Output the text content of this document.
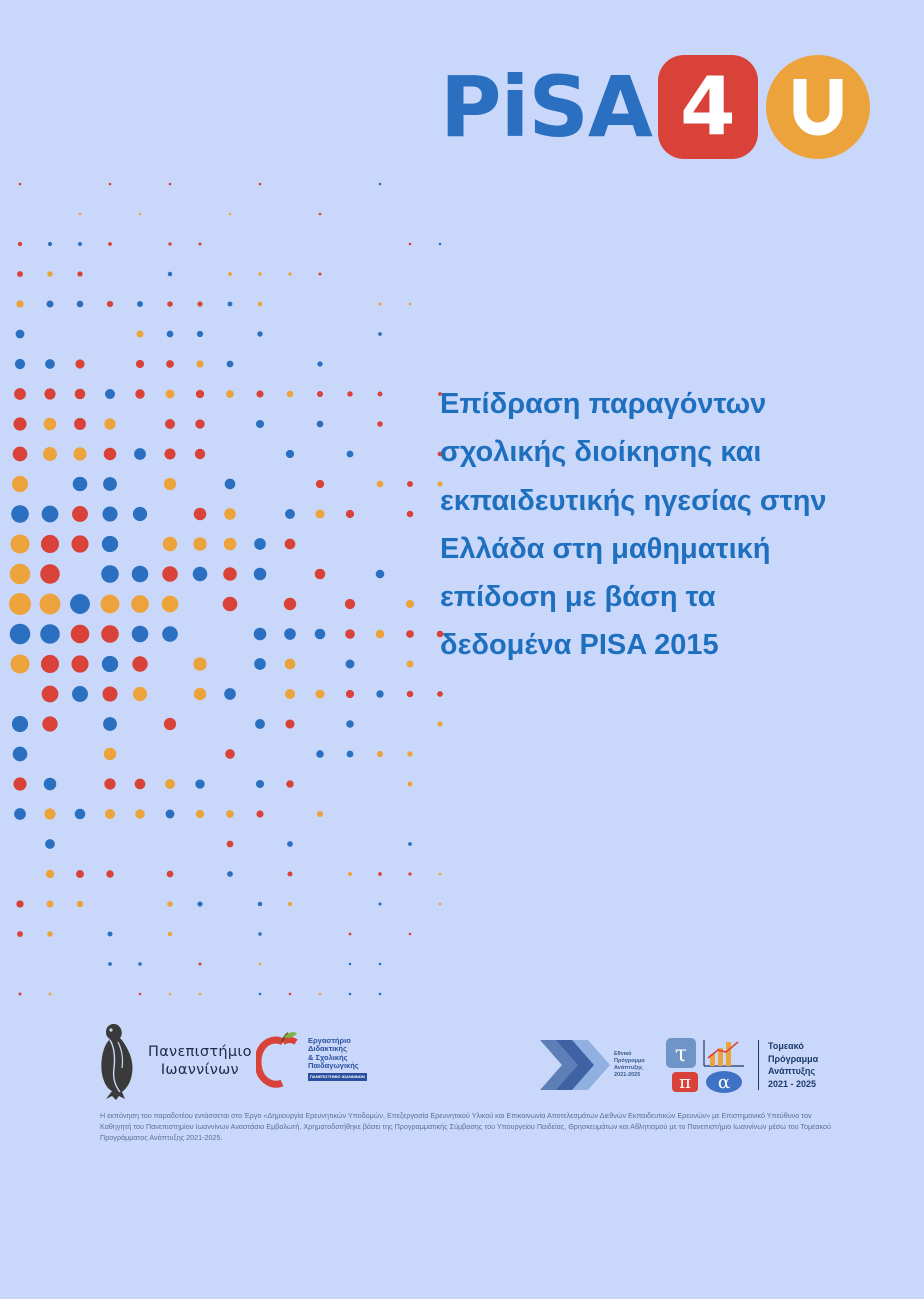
PiSA 4
Επίδραση παραγόντων
σχολικής διοίκησης και
εκπαιδευτικής ηγεσίας στην
Ελλάδα στη μαθηματική
επίδοση με βάση τα
δεδομένα PISA 2015
Πανεπιστήμιο
Ιωαννίνων
Εργαστήριο
Διδακτικής
& Σχολικής
Παιδαγωγικής
ΠΑΝΕΠΙΣΤΗΜΙΟ ΙΩΑΝΝΙΝΩΝ
Εθνικό
Πρόγραμμα
Ανάπτυξης
2021-2025
τ
π α
Τομεακό
Πρόγραμμα
Ανάπτυξης
2021 - 2025

Η εκπόνηση του παραδοτέου εντάσσεται στο Έργο «Δημιουργία Ερευνητικών Υποδομών, Επεξεργασία Ερευνητικού Υλικού και Επικοινωνία Αποτελεσμάτων Διεθνών Εκπαιδευτικών Ερευνών» με Επιστημονικό Υπεύθυνο τον Καθηγητή του Πανεπιστημίου Ιωαννίνων Αναστάσιο Εμβαλωτή. Χρηματοδοτήθηκε βάσει της Προγραμματικής Σύμβασης του Υπουργείου Παιδείας, Θρησκευμάτων και Αθλητισμού με το Πανεπιστήμιο Ιωαννίνων μέσω του Τομεακού Προγράμματος Ανάπτυξης 2021-2025.
